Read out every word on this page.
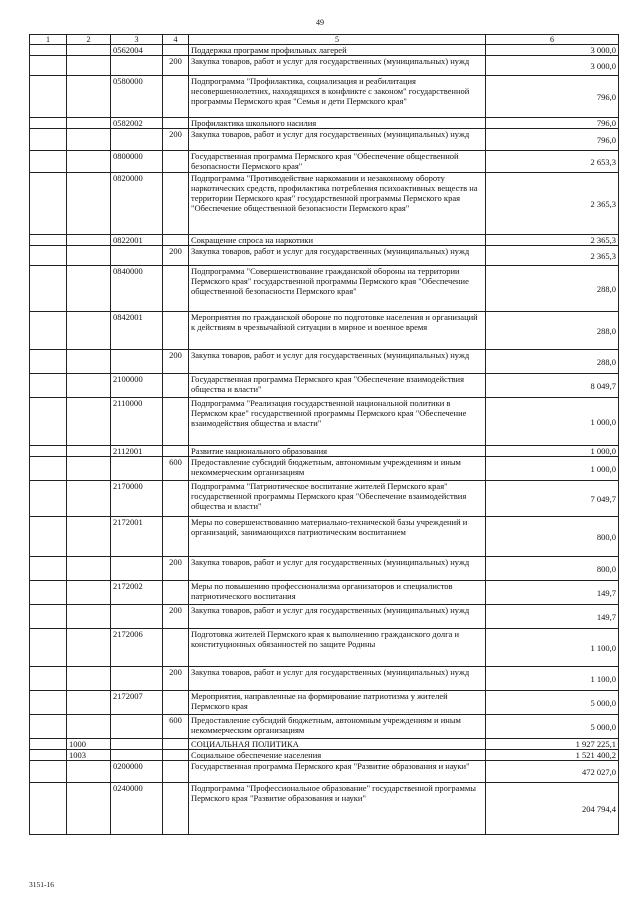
49
1	2	3	4	5	6
		0562004		Поддержка программ профильных лагерей	3 000,0
			200	Закупка товаров, работ и услуг для государственных (муниципальных) нужд	3 000,0
		0580000		Подпрограмма "Профилактика, социализация и реабилитация несовершеннолетних, находящихся в конфликте с законом" государственной программы Пермского края "Семья и дети Пермского края"	796,0
		0582002		Профилактика школьного насилия	796,0
			200	Закупка товаров, работ и услуг для государственных (муниципальных) нужд	796,0
		0800000		Государственная программа Пермского края "Обеспечение общественной безопасности Пермского края"	2 653,3
		0820000		Подпрограмма "Противодействие наркомании и незаконному обороту наркотических средств, профилактика потребления психоактивных веществ на территории Пермского края" государственной программы Пермского края "Обеспечение общественной безопасности Пермского края"	2 365,3
		0822001		Сокращение спроса на наркотики	2 365,3
			200	Закупка товаров, работ и услуг для государственных (муниципальных) нужд	2 365,3
		0840000		Подпрограмма "Совершенствование гражданской обороны на территории Пермского края" государственной программы Пермского края "Обеспечение общественной безопасности Пермского края"	288,0
		0842001		Мероприятия по гражданской обороне по подготовке населения и организаций к действиям в чрезвычайной ситуации в мирное и военное время	288,0
			200	Закупка товаров, работ и услуг для государственных (муниципальных) нужд	288,0
		2100000		Государственная программа Пермского края "Обеспечение взаимодействия общества и власти"	8 049,7
		2110000		Подпрограмма "Реализация государственной национальной политики в Пермском крае" государственной программы Пермского края "Обеспечение взаимодействия общества и власти"	1 000,0
		2112001		Развитие национального образования	1 000,0
			600	Предоставление субсидий бюджетным, автономным учреждениям и иным некоммерческим организациям	1 000,0
		2170000		Подпрограмма "Патриотическое воспитание жителей Пермского края" государственной программы Пермского края "Обеспечение взаимодействия общества и власти"	7 049,7
		2172001		Меры по совершенствованию материально-технической базы учреждений и организаций, занимающихся патриотическим воспитанием	800,0
			200	Закупка товаров, работ и услуг для государственных (муниципальных) нужд	800,0
		2172002		Меры по повышению профессионализма организаторов и специалистов патриотического воспитания	149,7
			200	Закупка товаров, работ и услуг для государственных (муниципальных) нужд	149,7
		2172006		Подготовка жителей Пермского края к выполнению гражданского долга и конституционных обязанностей по защите Родины	1 100,0
			200	Закупка товаров, работ и услуг для государственных (муниципальных) нужд	1 100,0
		2172007		Мероприятия, направленные на формирование патриотизма у жителей Пермского края	5 000,0
			600	Предоставление субсидий бюджетным, автономным учреждениям и иным некоммерческим организациям	5 000,0
	1000			СОЦИАЛЬНАЯ ПОЛИТИКА	1 927 225,1
	1003			Социальное обеспечение населения	1 521 400,2
		0200000		Государственная программа Пермского края "Развитие образования и науки"	472 027,0
		0240000		Подпрограмма "Профессиональное образование" государственной программы Пермского края "Развитие образования и науки"	204 794,4
3151-16
